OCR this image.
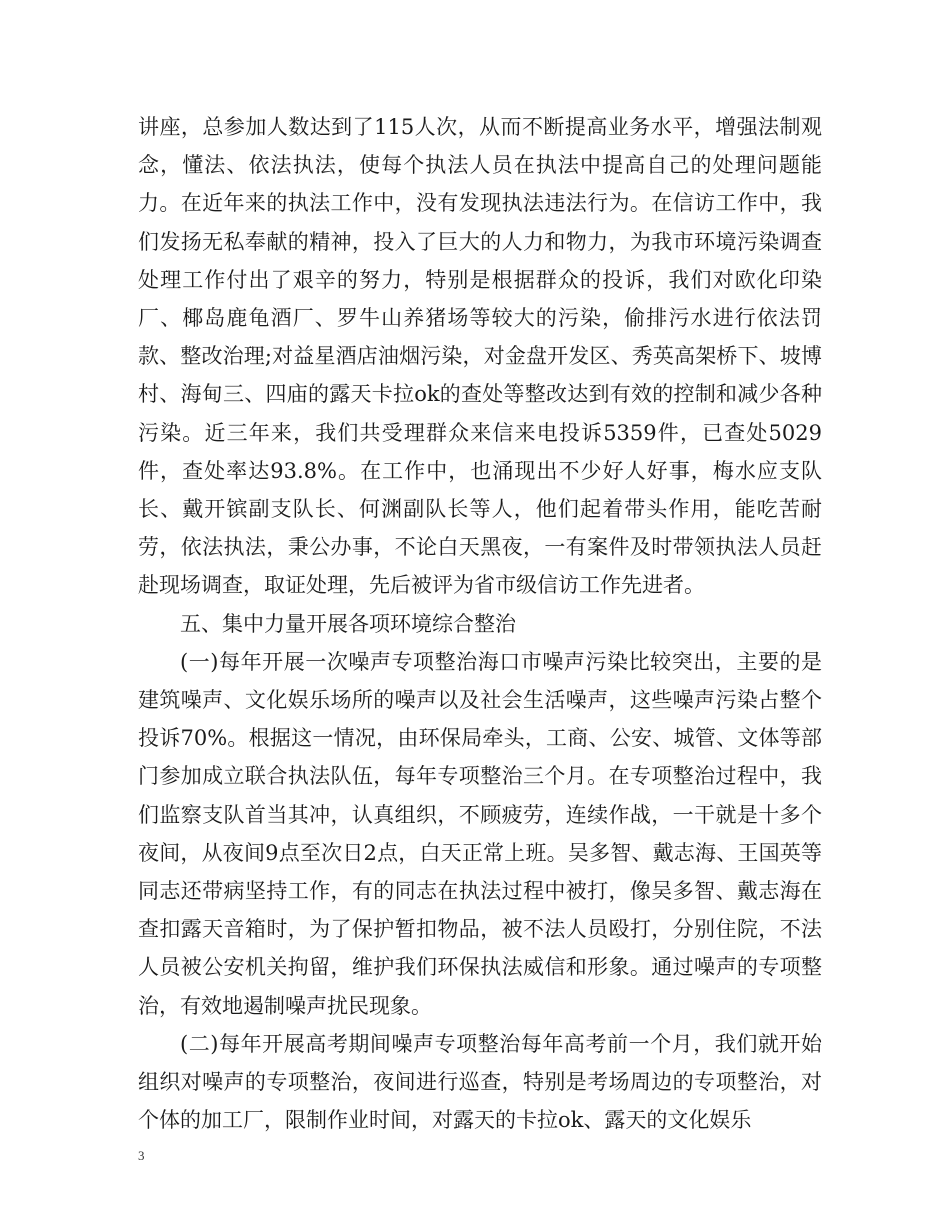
讲座，总参加人数达到了115人次，从而不断提高业务水平，增强法制观念，懂法、依法执法，使每个执法人员在执法中提高自己的处理问题能力。在近年来的执法工作中，没有发现执法违法行为。在信访工作中，我们发扬无私奉献的精神，投入了巨大的人力和物力，为我市环境污染调查处理工作付出了艰辛的努力，特别是根据群众的投诉，我们对欧化印染厂、椰岛鹿龟酒厂、罗牛山养猪场等较大的污染，偷排污水进行依法罚款、整改治理;对益星酒店油烟污染，对金盘开发区、秀英高架桥下、坡博村、海甸三、四庙的露天卡拉ok的查处等整改达到有效的控制和减少各种污染。近三年来，我们共受理群众来信来电投诉5359件，已查处5029件，查处率达93.8%。在工作中，也涌现出不少好人好事，梅水应支队长、戴开镔副支队长、何渊副队长等人，他们起着带头作用，能吃苦耐劳，依法执法，秉公办事，不论白天黑夜，一有案件及时带领执法人员赶赴现场调查，取证处理，先后被评为省市级信访工作先进者。

五、集中力量开展各项环境综合整治

(一)每年开展一次噪声专项整治海口市噪声污染比较突出，主要的是建筑噪声、文化娱乐场所的噪声以及社会生活噪声，这些噪声污染占整个投诉70%。根据这一情况，由环保局牵头，工商、公安、城管、文体等部门参加成立联合执法队伍，每年专项整治三个月。在专项整治过程中，我们监察支队首当其冲，认真组织，不顾疲劳，连续作战，一干就是十多个夜间，从夜间9点至次日2点，白天正常上班。吴多智、戴志海、王国英等同志还带病坚持工作，有的同志在执法过程中被打，像吴多智、戴志海在查扣露天音箱时，为了保护暂扣物品，被不法人员殴打，分别住院，不法人员被公安机关拘留，维护我们环保执法威信和形象。通过噪声的专项整治，有效地遏制噪声扰民现象。

(二)每年开展高考期间噪声专项整治每年高考前一个月，我们就开始组织对噪声的专项整治，夜间进行巡查，特别是考场周边的专项整治，对个体的加工厂，限制作业时间，对露天的卡拉ok、露天的文化娱乐

3
